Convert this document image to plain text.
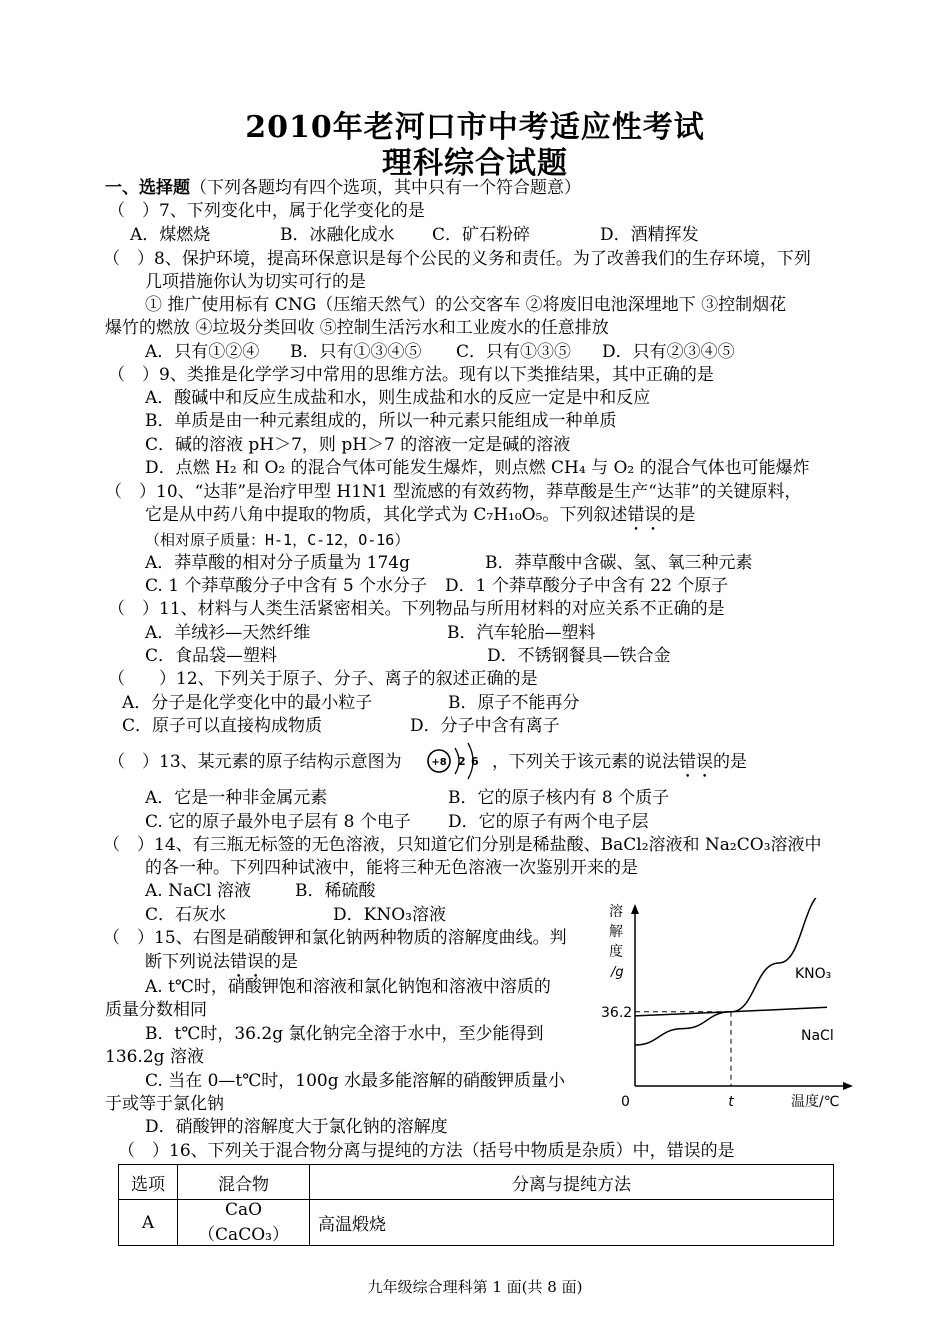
2010年老河口市中考适应性考试
理科综合试题
一、选择题（下列各题均有四个选项，其中只有一个符合题意）
（　）7、下列变化中，属于化学变化的是
A．煤燃烧	B．冰融化成水 C．矿石粉碎	D．酒精挥发
（　）8、保护环境，提高环保意识是每个公民的义务和责任。为了改善我们的生存环境，下列
几项措施你认为切实可行的是
① 推广使用标有 CNG（压缩天然气）的公交客车 ②将废旧电池深埋地下 ③控制烟花
爆竹的燃放 ④垃圾分类回收 ⑤控制生活污水和工业废水的任意排放
A．只有①②④ B．只有①③④⑤ C．只有①③⑤ D．只有②③④⑤
（　）9、类推是化学学习中常用的思维方法。现有以下类推结果，其中正确的是
A．酸碱中和反应生成盐和水，则生成盐和水的反应一定是中和反应
B．单质是由一种元素组成的，所以一种元素只能组成一种单质
C．碱的溶液 pH＞7，则 pH＞7 的溶液一定是碱的溶液
D．点燃 H₂ 和 O₂ 的混合气体可能发生爆炸，则点燃 CH₄ 与 O₂ 的混合气体也可能爆炸
（　）10、“达菲”是治疗甲型 H1N1 型流感的有效药物，莽草酸是生产“达菲”的关键原料，
它是从中药八角中提取的物质，其化学式为 C₇H₁₀O₅。下列叙述错误的是
（相对原子质量：H-1，C-12，O-16）
A．莽草酸的相对分子质量为 174g	B．莽草酸中含碳、氢、氧三种元素
C. 1 个莽草酸分子中含有 5 个水分子 D．1 个莽草酸分子中含有 22 个原子
（　）11、材料与人类生活紧密相关。下列物品与所用材料的对应关系不正确的是
A．羊绒衫—天然纤维	B．汽车轮胎—塑料
C．食品袋—塑料	D．不锈钢餐具—铁合金
（　　）12、下列关于原子、分子、离子的叙述正确的是
A．分子是化学变化中的最小粒子	B．原子不能再分
C．原子可以直接构成物质	D．分子中含有离子
（　）13、某元素的原子结构示意图为	+8 2 6 ，下列关于该元素的说法错误的是
A．它是一种非金属元素	B．它的原子核内有 8 个质子
C. 它的原子最外电子层有 8 个电子 D．它的原子有两个电子层
（　）14、有三瓶无标签的无色溶液，只知道它们分别是稀盐酸、BaCl₂溶液和 Na₂CO₃溶液中
的各一种。下列四种试液中，能将三种无色溶液一次鉴别开来的是
A. NaCl 溶液	B．稀硫酸
C．石灰水	D．KNO₃溶液
（　）15、右图是硝酸钾和氯化钠两种物质的溶解度曲线。判
断下列说法错误的是
A. t℃时，硝酸钾饱和溶液和氯化钠饱和溶液中溶质的
质量分数相同
B．t℃时，36.2g 氯化钠完全溶于水中，至少能得到
136.2g 溶液
C. 当在 0—t℃时，100g 水最多能溶解的硝酸钾质量小
于或等于氯化钠
D．硝酸钾的溶解度大于氯化钠的溶解度
溶
解
度
/g
0	t	温度/℃
36.2
KNO₃
NaCl
（　）16、下列关于混合物分离与提纯的方法（括号中物质是杂质）中，错误的是
选项	混合物	分离与提纯方法
A	CaO（CaCO₃）	高温煅烧
九年级综合理科第 1 面(共 8 面)
